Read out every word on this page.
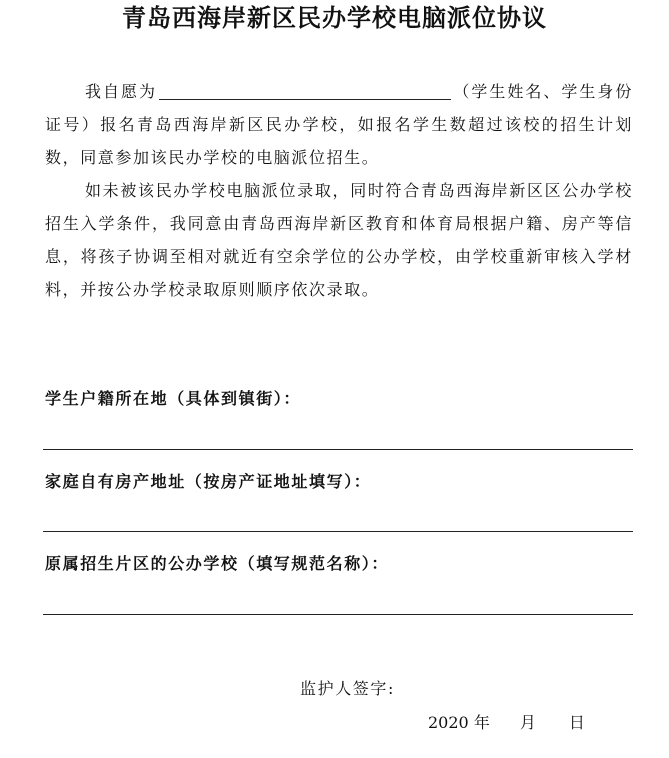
青岛西海岸新区民办学校电脑派位协议

我自愿为	（学生姓名、学生身份证号）报名青岛西海岸新区民办学校，如报名学生数超过该校的招生计划数，同意参加该民办学校的电脑派位招生。

如未被该民办学校电脑派位录取，同时符合青岛西海岸新区区公办学校招生入学条件，我同意由青岛西海岸新区教育和体育局根据户籍、房产等信息，将孩子协调至相对就近有空余学位的公办学校，由学校重新审核入学材料，并按公办学校录取原则顺序依次录取。

学生户籍所在地（具体到镇街）：
家庭自有房产地址（按房产证地址填写）：
原属招生片区的公办学校（填写规范名称）：
监护人签字:
2020 年 月 日
